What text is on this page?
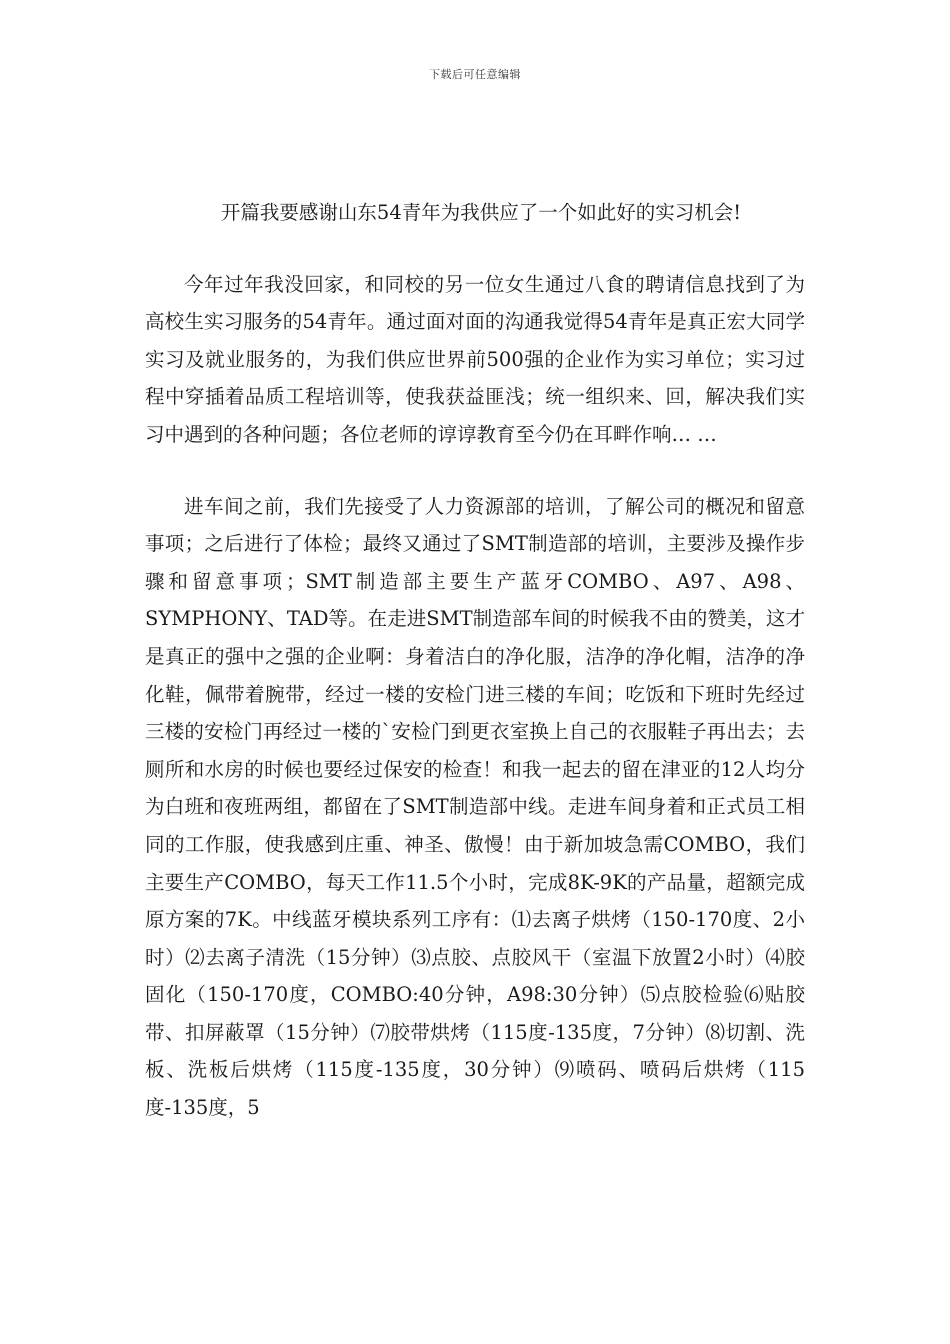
下载后可任意编辑

开篇我要感谢山东54青年为我供应了一个如此好的实习机会!

今年过年我没回家，和同校的另一位女生通过八食的聘请信息找到了为高校生实习服务的54青年。通过面对面的沟通我觉得54青年是真正宏大同学实习及就业服务的，为我们供应世界前500强的企业作为实习单位；实习过程中穿插着品质工程培训等，使我获益匪浅；统一组织来、回，解决我们实习中遇到的各种问题；各位老师的谆谆教育至今仍在耳畔作响… …

进车间之前，我们先接受了人力资源部的培训，了解公司的概况和留意事项；之后进行了体检；最终又通过了SMT制造部的培训，主要涉及操作步骤和留意事项；SMT制造部主要生产蓝牙COMBO、A97、A98、SYMPHONY、TAD等。在走进SMT制造部车间的时候我不由的赞美，这才是真正的强中之强的企业啊：身着洁白的净化服，洁净的净化帽，洁净的净化鞋，佩带着腕带，经过一楼的安检门进三楼的车间；吃饭和下班时先经过三楼的安检门再经过一楼的`安检门到更衣室换上自己的衣服鞋子再出去；去厕所和水房的时候也要经过保安的检查！和我一起去的留在津亚的12人均分为白班和夜班两组，都留在了SMT制造部中线。走进车间身着和正式员工相同的工作服，使我感到庄重、神圣、傲慢！由于新加坡急需COMBO，我们主要生产COMBO，每天工作11.5个小时，完成8K-9K的产品量，超额完成原方案的7K。中线蓝牙模块系列工序有：⑴去离子烘烤（150-170度、2小时）⑵去离子清洗（15分钟）⑶点胶、点胶风干（室温下放置2小时）⑷胶固化（150-170度，COMBO:40分钟，A98:30分钟）⑸点胶检验⑹贴胶带、扣屏蔽罩（15分钟）⑺胶带烘烤（115度-135度，7分钟）⑻切割、洗板、洗板后烘烤（115度-135度，30分钟）⑼喷码、喷码后烘烤（115度-135度，5
